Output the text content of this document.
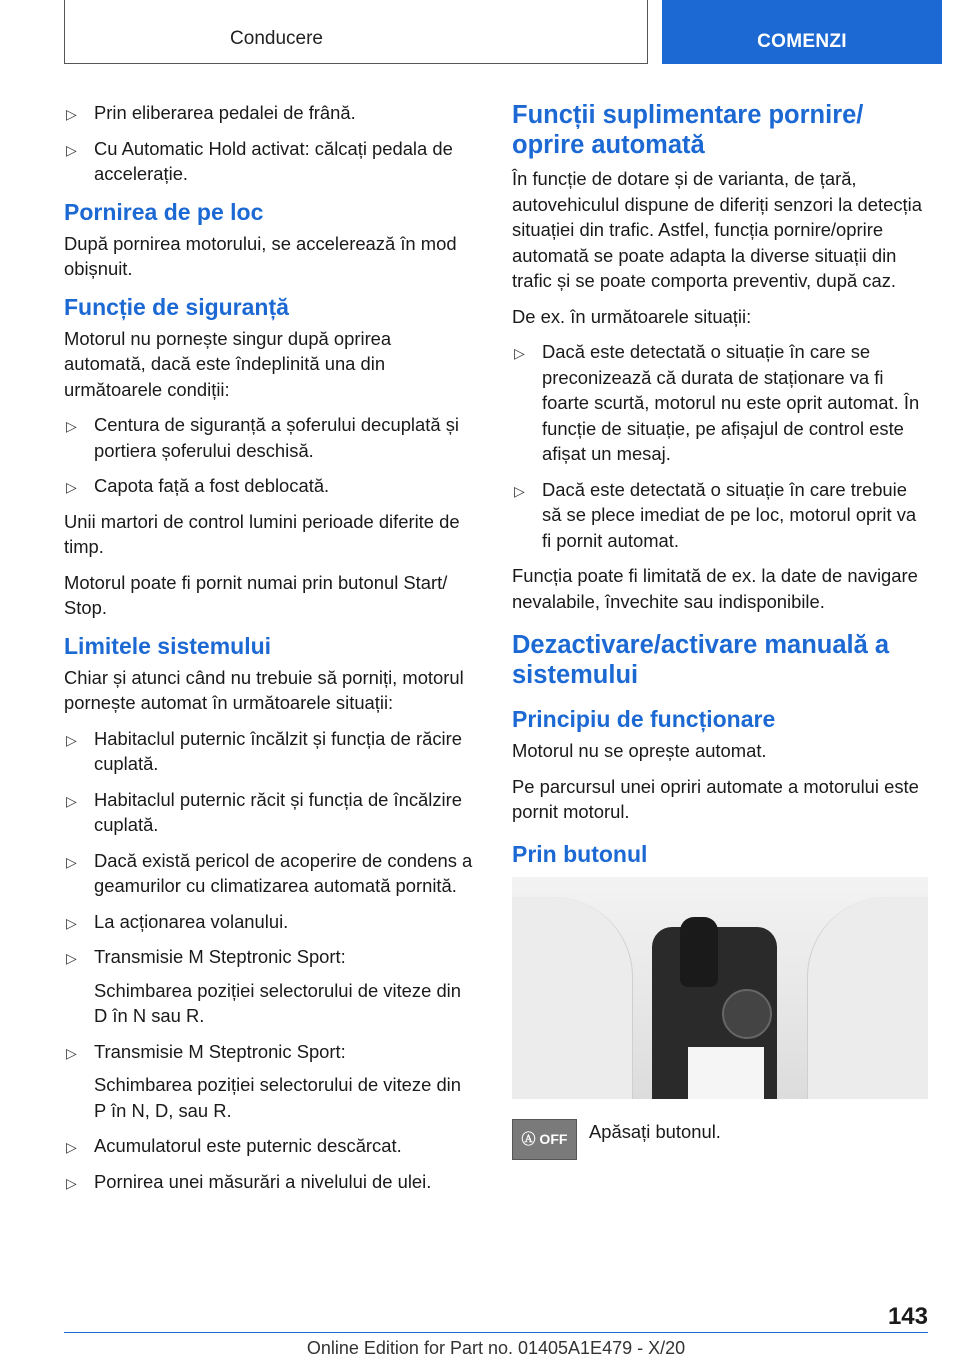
Conducere	COMENZI
▷ Prin eliberarea pedalei de frână.
▷ Cu Automatic Hold activat: călcați pedala de accelerație.
Pornirea de pe loc

După pornirea motorului, se accelerează în mod obișnuit.

Funcție de siguranță

Motorul nu pornește singur după oprirea automată, dacă este îndeplinită una din următoarele condiții:

▷ Centura de siguranță a șoferului decuplată și portiera șoferului deschisă.
▷ Capota față a fost deblocată.

Unii martori de control lumini perioade diferite de timp.

Motorul poate fi pornit numai prin butonul Start/ Stop.

Limitele sistemului

Chiar și atunci când nu trebuie să porniți, motorul pornește automat în următoarele situații:

▷ Habitaclul puternic încălzit și funcția de răcire cuplată.
▷ Habitaclul puternic răcit și funcția de încălzire cuplată.
▷ Dacă există pericol de acoperire de condens a geamurilor cu climatizarea automată pornită.
▷ La acționarea volanului.
▷ Transmisie M Steptronic Sport:
Schimbarea poziției selectorului de viteze din D în N sau R.
▷ Transmisie M Steptronic Sport:
Schimbarea poziției selectorului de viteze din P în N, D, sau R.
▷ Acumulatorul este puternic descărcat.
▷ Pornirea unei măsurări a nivelului de ulei.
Funcții suplimentare pornire/ oprire automată

În funcție de dotare și de varianta, de țară, autovehiculul dispune de diferiți senzori la detecția situației din trafic. Astfel, funcția pornire/oprire automată se poate adapta la diverse situații din trafic și se poate comporta preventiv, după caz.

De ex. în următoarele situații:

▷ Dacă este detectată o situație în care se preconizează că durata de staționare va fi foarte scurtă, motorul nu este oprit automat. În funcție de situație, pe afișajul de control este afișat un mesaj.
▷ Dacă este detectată o situație în care trebuie să se plece imediat de pe loc, motorul oprit va fi pornit automat.

Funcția poate fi limitată de ex. la date de navigare nevalabile, învechite sau indisponibile.

Dezactivare/activare manuală a sistemului
Principiu de funcționare

Motorul nu se oprește automat.

Pe parcursul unei opriri automate a motorului este pornit motorul.

Prin butonul
Ⓐ OFF	Apăsați butonul.
143
Online Edition for Part no. 01405A1E479 - X/20
